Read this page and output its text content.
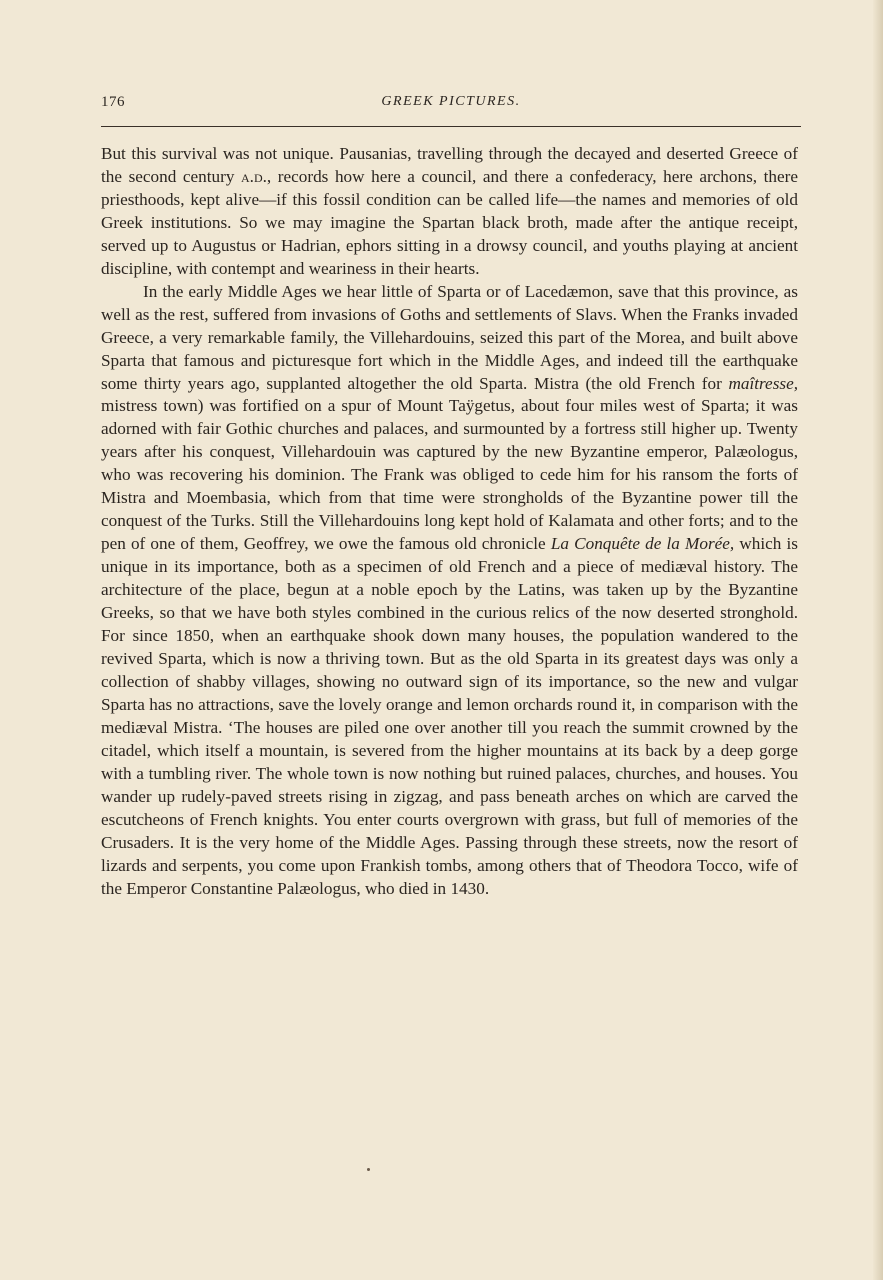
176	GREEK PICTURES.

But this survival was not unique. Pausanias, travelling through the decayed and deserted Greece of the second century a.d., records how here a council, and there a confederacy, here archons, there priesthoods, kept alive—if this fossil condition can be called life—the names and memories of old Greek institutions. So we may imagine the Spartan black broth, made after the antique receipt, served up to Augustus or Hadrian, ephors sitting in a drowsy council, and youths playing at ancient discipline, with contempt and weariness in their hearts.

In the early Middle Ages we hear little of Sparta or of Lacedæmon, save that this province, as well as the rest, suffered from invasions of Goths and settlements of Slavs. When the Franks invaded Greece, a very remarkable family, the Villehardouins, seized this part of the Morea, and built above Sparta that famous and picturesque fort which in the Middle Ages, and indeed till the earthquake some thirty years ago, supplanted altogether the old Sparta. Mistra (the old French for maîtresse, mistress town) was fortified on a spur of Mount Taÿgetus, about four miles west of Sparta; it was adorned with fair Gothic churches and palaces, and surmounted by a fortress still higher up. Twenty years after his conquest, Villehardouin was captured by the new Byzantine emperor, Palæologus, who was recovering his dominion. The Frank was obliged to cede him for his ransom the forts of Mistra and Moembasia, which from that time were strongholds of the Byzantine power till the conquest of the Turks. Still the Villehardouins long kept hold of Kalamata and other forts; and to the pen of one of them, Geoffrey, we owe the famous old chronicle La Conquête de la Morée, which is unique in its importance, both as a specimen of old French and a piece of mediæval history. The architecture of the place, begun at a noble epoch by the Latins, was taken up by the Byzantine Greeks, so that we have both styles combined in the curious relics of the now deserted stronghold. For since 1850, when an earthquake shook down many houses, the population wandered to the revived Sparta, which is now a thriving town. But as the old Sparta in its greatest days was only a collection of shabby villages, showing no outward sign of its importance, so the new and vulgar Sparta has no attractions, save the lovely orange and lemon orchards round it, in comparison with the mediæval Mistra. ‘The houses are piled one over another till you reach the summit crowned by the citadel, which itself a mountain, is severed from the higher mountains at its back by a deep gorge with a tumbling river. The whole town is now nothing but ruined palaces, churches, and houses. You wander up rudely-paved streets rising in zigzag, and pass beneath arches on which are carved the escutcheons of French knights. You enter courts overgrown with grass, but full of memories of the Crusaders. It is the very home of the Middle Ages. Passing through these streets, now the resort of lizards and serpents, you come upon Frankish tombs, among others that of Theodora Tocco, wife of the Emperor Constantine Palæologus, who died in 1430.
